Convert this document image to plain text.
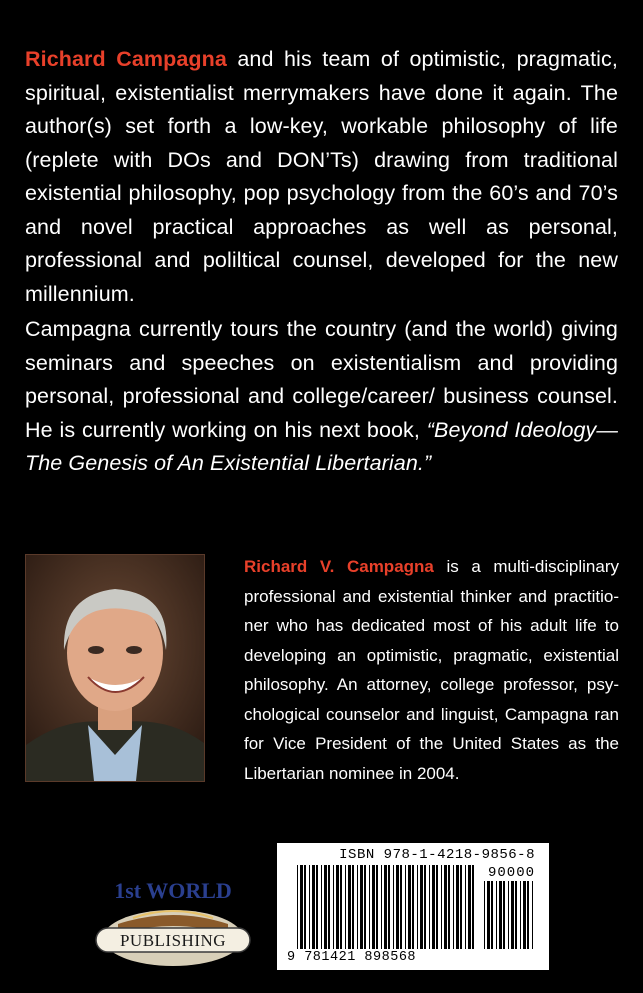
Richard Campagna and his team of optimistic, pragmatic, spiritual, existentialist merrymakers have done it again. The author(s) set forth a low-key, workable philosophy of life (replete with DOs and DON’Ts) drawing from traditional existential philosophy, pop psychology from the 60’s and 70’s and novel practical approaches as well as personal, professional and poliltical counsel, developed for the new millennium.

Campagna currently tours the country (and the world) giving seminars and speeches on existentialism and providing personal, professional and college/career/ business counsel. He is currently working on his next book, “Beyond Ideology—The Genesis of An Existential Libertarian.”

Richard V. Campagna is a multi-disciplinary professional and existential thinker and practitioner who has dedicated most of his adult life to developing an optimistic, pragmatic, existential philosophy. An attorney, college professor, psychological counselor and linguist, Campagna ran for Vice President of the United States as the Libertarian nominee in 2004.

PUBLISHING
1st WORLD
ISBN 978-1-4218-9856-8
90000
9 781421 898568
